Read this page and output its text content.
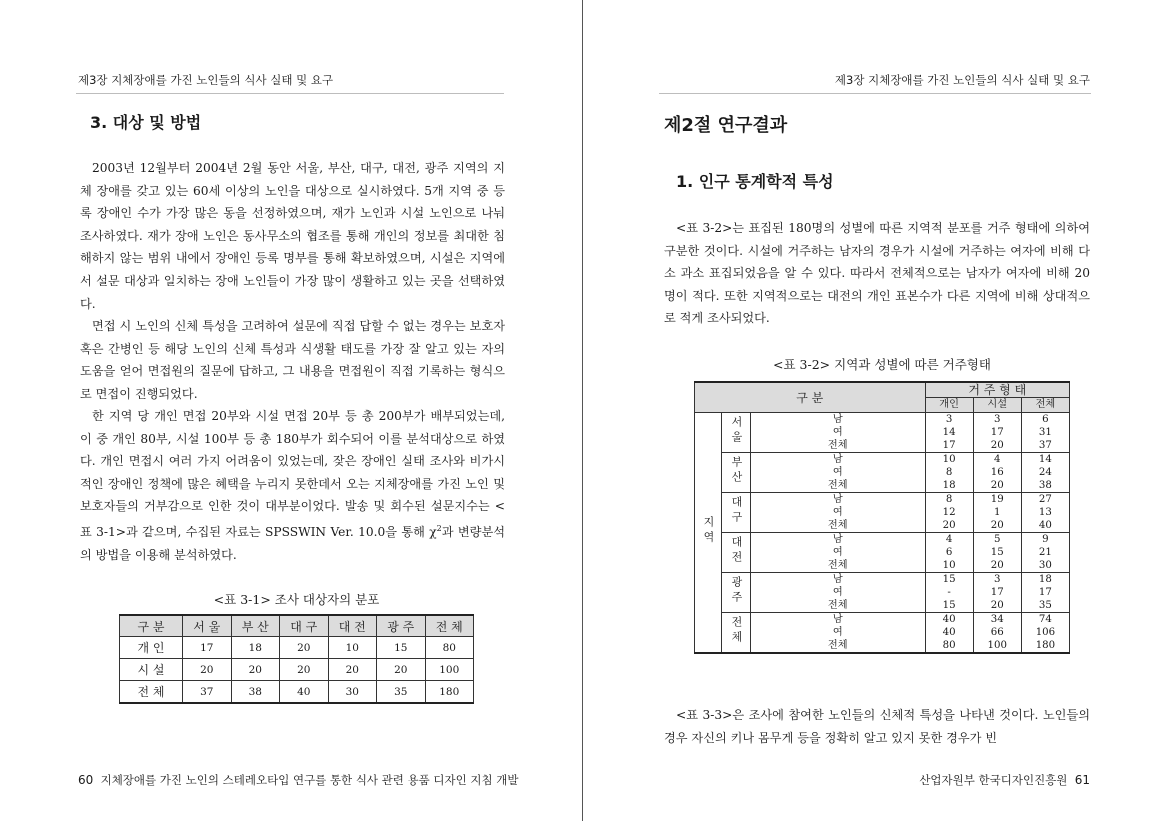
제3장 지체장애를 가진 노인들의 식사 실태 및 요구
3. 대상 및 방법

2003년 12월부터 2004년 2월 동안 서울, 부산, 대구, 대전, 광주 지역의 지체 장애를 갖고 있는 60세 이상의 노인을 대상으로 실시하였다. 5개 지역 중 등록 장애인 수가 가장 많은 동을 선정하였으며, 재가 노인과 시설 노인으로 나눠 조사하였다. 재가 장애 노인은 동사무소의 협조를 통해 개인의 정보를 최대한 침해하지 않는 범위 내에서 장애인 등록 명부를 통해 확보하였으며, 시설은 지역에서 설문 대상과 일치하는 장애 노인들이 가장 많이 생활하고 있는 곳을 선택하였다.

면접 시 노인의 신체 특성을 고려하여 설문에 직접 답할 수 없는 경우는 보호자 혹은 간병인 등 해당 노인의 신체 특성과 식생활 태도를 가장 잘 알고 있는 자의 도움을 얻어 면접원의 질문에 답하고, 그 내용을 면접원이 직접 기록하는 형식으로 면접이 진행되었다.

한 지역 당 개인 면접 20부와 시설 면접 20부 등 총 200부가 배부되었는데, 이 중 개인 80부, 시설 100부 등 총 180부가 회수되어 이를 분석대상으로 하였다. 개인 면접시 여러 가지 어려움이 있었는데, 잦은 장애인 실태 조사와 비가시적인 장애인 정책에 많은 혜택을 누리지 못한데서 오는 지체장애를 가진 노인 및 보호자들의 거부감으로 인한 것이 대부분이었다. 발송 및 회수된 설문지수는 <표 3-1>과 같으며, 수집된 자료는 SPSSWIN Ver. 10.0을 통해 $\chi^2$과 변량분석의 방법을 이용해 분석하였다.

<표 3-1> 조사 대상자의 분포
구 분	서 울	부 산	대 구	대 전	광 주	전 체
개 인	17	18	20	10	15	80
시 설	20	20	20	20	20	100
전 체	37	38	40	30	35	180
60 지체장애를 가진 노인의 스테레오타입 연구를 통한 식사 관련 용품 디자인 지침 개발
제3장 지체장애를 가진 노인들의 식사 실태 및 요구
제2절 연구결과
1. 인구 통계학적 특성

<표 3-2>는 표집된 180명의 성별에 따른 지역적 분포를 거주 형태에 의하여 구분한 것이다. 시설에 거주하는 남자의 경우가 시설에 거주하는 여자에 비해 다소 과소 표집되었음을 알 수 있다. 따라서 전체적으로는 남자가 여자에 비해 20명이 적다. 또한 지역적으로는 대전의 개인 표본수가 다른 지역에 비해 상대적으로 적게 조사되었다.

<표 3-2> 지역과 성별에 따른 거주형태
구 분			거 주 형 태		
			개인	시설	전체
지역	서울	남	3	3	6
		여	14	17	31
		전체	17	20	37
	부산	남	10	4	14
		여	8	16	24
		전체	18	20	38
	대구	남	8	19	27
		여	12	1	13
		전체	20	20	40
	대전	남	4	5	9
		여	6	15	21
		전체	10	20	30
	광주	남	15	3	18
		여	-	17	17
		전체	15	20	35
	전체	남	40	34	74
		여	40	66	106
		전체	80	100	180

<표 3-3>은 조사에 참여한 노인들의 신체적 특성을 나타낸 것이다. 노인들의 경우 자신의 키나 몸무게 등을 정확히 알고 있지 못한 경우가 빈

산업자원부 한국디자인진흥원 61
